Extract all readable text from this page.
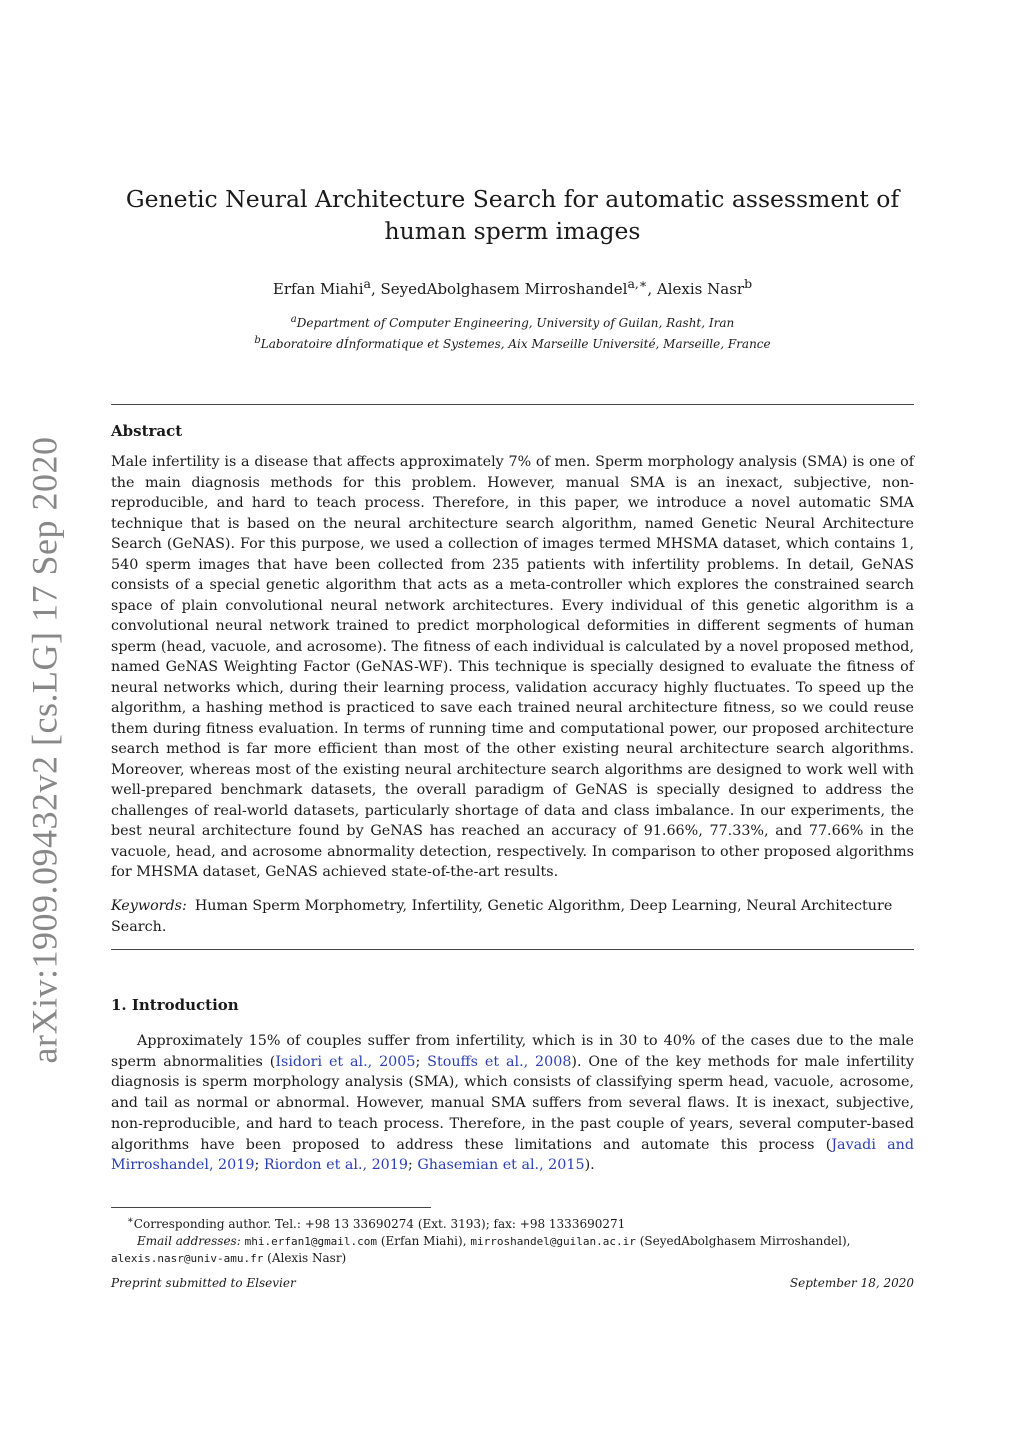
arXiv:1909.09432v2 [cs.LG] 17 Sep 2020
Genetic Neural Architecture Search for automatic assessment of human sperm images
Erfan Miahi$^a$, SeyedAbolghasem Mirroshandel$^{a,∗}$, Alexis Nasr$^b$
$^a$Department of Computer Engineering, University of Guilan, Rasht, Iran
$^b$Laboratoire dÍnformatique et Systemes, Aix Marseille Université, Marseille, France
Abstract
Male infertility is a disease that affects approximately 7% of men. Sperm morphology analysis (SMA) is one of the main diagnosis methods for this problem. However, manual SMA is an inexact, subjective, non-reproducible, and hard to teach process. Therefore, in this paper, we introduce a novel automatic SMA technique that is based on the neural architecture search algorithm, named Genetic Neural Architecture Search (GeNAS). For this purpose, we used a collection of images termed MHSMA dataset, which contains 1, 540 sperm images that have been collected from 235 patients with infertility problems. In detail, GeNAS consists of a special genetic algorithm that acts as a meta-controller which explores the constrained search space of plain convolutional neural network architectures. Every individual of this genetic algorithm is a convolutional neural network trained to predict morphological deformities in different segments of human sperm (head, vacuole, and acrosome). The fitness of each individual is calculated by a novel proposed method, named GeNAS Weighting Factor (GeNAS-WF). This technique is specially designed to evaluate the fitness of neural networks which, during their learning process, validation accuracy highly fluctuates. To speed up the algorithm, a hashing method is practiced to save each trained neural architecture fitness, so we could reuse them during fitness evaluation. In terms of running time and computational power, our proposed architecture search method is far more efficient than most of the other existing neural architecture search algorithms. Moreover, whereas most of the existing neural architecture search algorithms are designed to work well with well-prepared benchmark datasets, the overall paradigm of GeNAS is specially designed to address the challenges of real-world datasets, particularly shortage of data and class imbalance. In our experiments, the best neural architecture found by GeNAS has reached an accuracy of 91.66%, 77.33%, and 77.66% in the vacuole, head, and acrosome abnormality detection, respectively. In comparison to other proposed algorithms for MHSMA dataset, GeNAS achieved state-of-the-art results.
Keywords: Human Sperm Morphometry, Infertility, Genetic Algorithm, Deep Learning, Neural Architecture Search.
1. Introduction
Approximately 15% of couples suffer from infertility, which is in 30 to 40% of the cases due to the male sperm abnormalities (Isidori et al., 2005; Stouffs et al., 2008). One of the key methods for male infertility diagnosis is sperm morphology analysis (SMA), which consists of classifying sperm head, vacuole, acrosome, and tail as normal or abnormal. However, manual SMA suffers from several flaws. It is inexact, subjective, non-reproducible, and hard to teach process. Therefore, in the past couple of years, several computer-based algorithms have been proposed to address these limitations and automate this process (Javadi and Mirroshandel, 2019; Riordon et al., 2019; Ghasemian et al., 2015).
∗Corresponding author. Tel.: +98 13 33690274 (Ext. 3193); fax: +98 1333690271
Email addresses: mhi.erfan1@gmail.com (Erfan Miahi), mirroshandel@guilan.ac.ir (SeyedAbolghasem Mirroshandel),
alexis.nasr@univ-amu.fr (Alexis Nasr)
Preprint submitted to Elsevier	September 18, 2020
